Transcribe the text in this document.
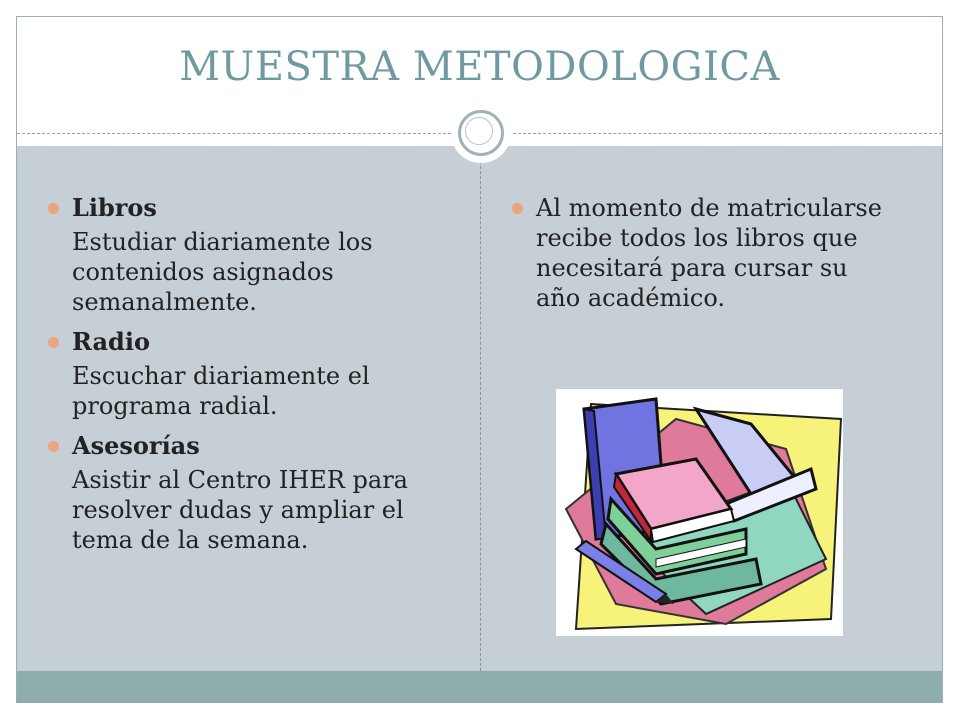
MUESTRA METODOLOGICA
Libros
Estudiar diariamente los contenidos asignados semanalmente.
Radio
Escuchar diariamente el programa radial.
Asesorías
Asistir al Centro IHER para resolver dudas y ampliar el tema de la semana.
Al momento de matricularse recibe todos los libros que necesitará para cursar su año académico.
